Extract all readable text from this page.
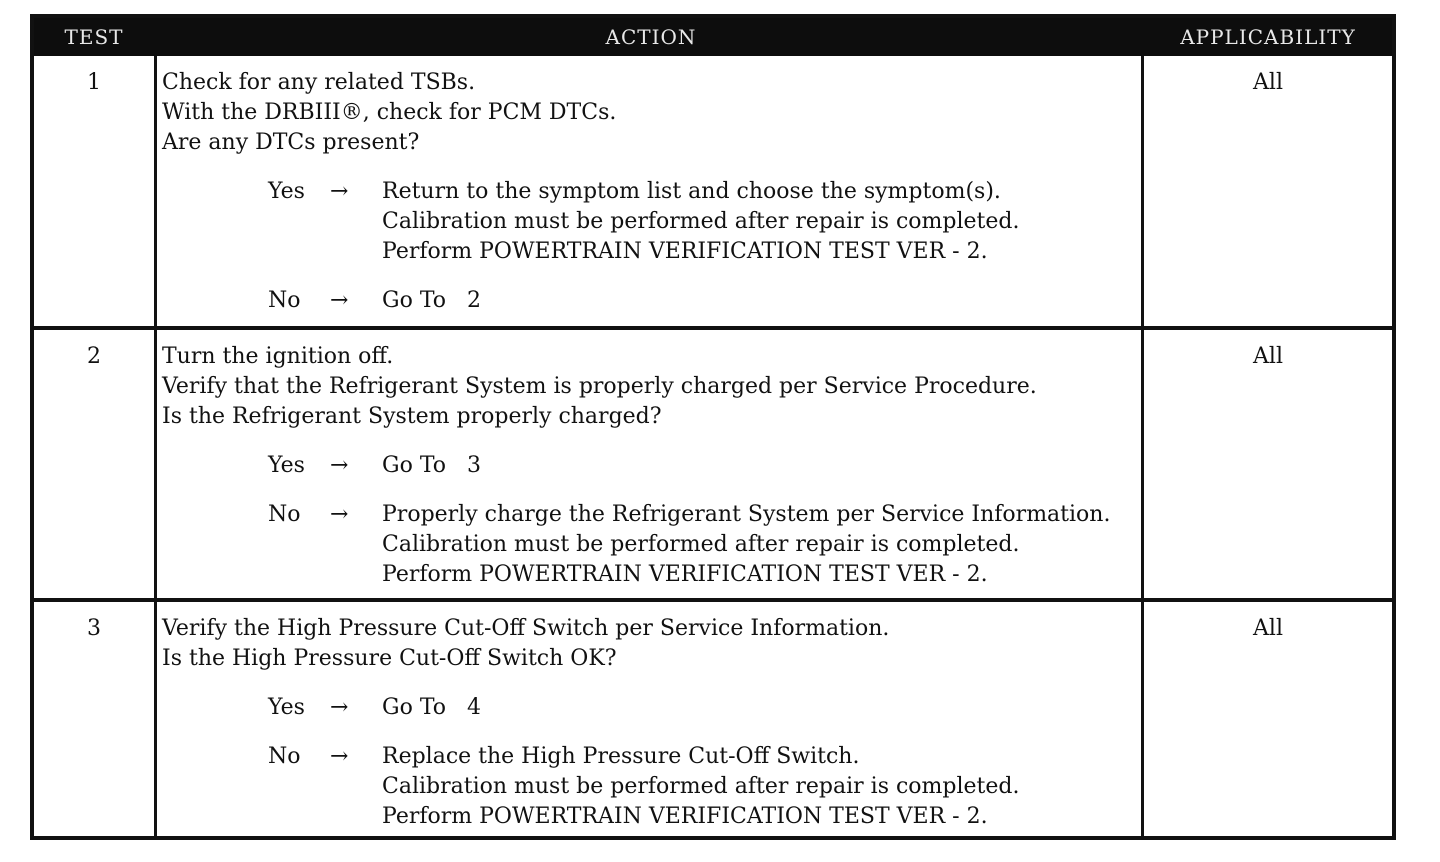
TEST	ACTION	APPLICABILITY
1	Check for any related TSBs.
With the DRBIII®, check for PCM DTCs.
Are any DTCs present?
Yes → Return to the symptom list and choose the symptom(s).
Calibration must be performed after repair is completed.
Perform POWERTRAIN VERIFICATION TEST VER - 2.
No → Go To   2
All
2	Turn the ignition off.
Verify that the Refrigerant System is properly charged per Service Procedure.
Is the Refrigerant System properly charged?
Yes → Go To   3
No → Properly charge the Refrigerant System per Service Information.
Calibration must be performed after repair is completed.
Perform POWERTRAIN VERIFICATION TEST VER - 2.
All
3	Verify the High Pressure Cut-Off Switch per Service Information.
Is the High Pressure Cut-Off Switch OK?
Yes → Go To   4
No → Replace the High Pressure Cut-Off Switch.
Calibration must be performed after repair is completed.
Perform POWERTRAIN VERIFICATION TEST VER - 2.
All
